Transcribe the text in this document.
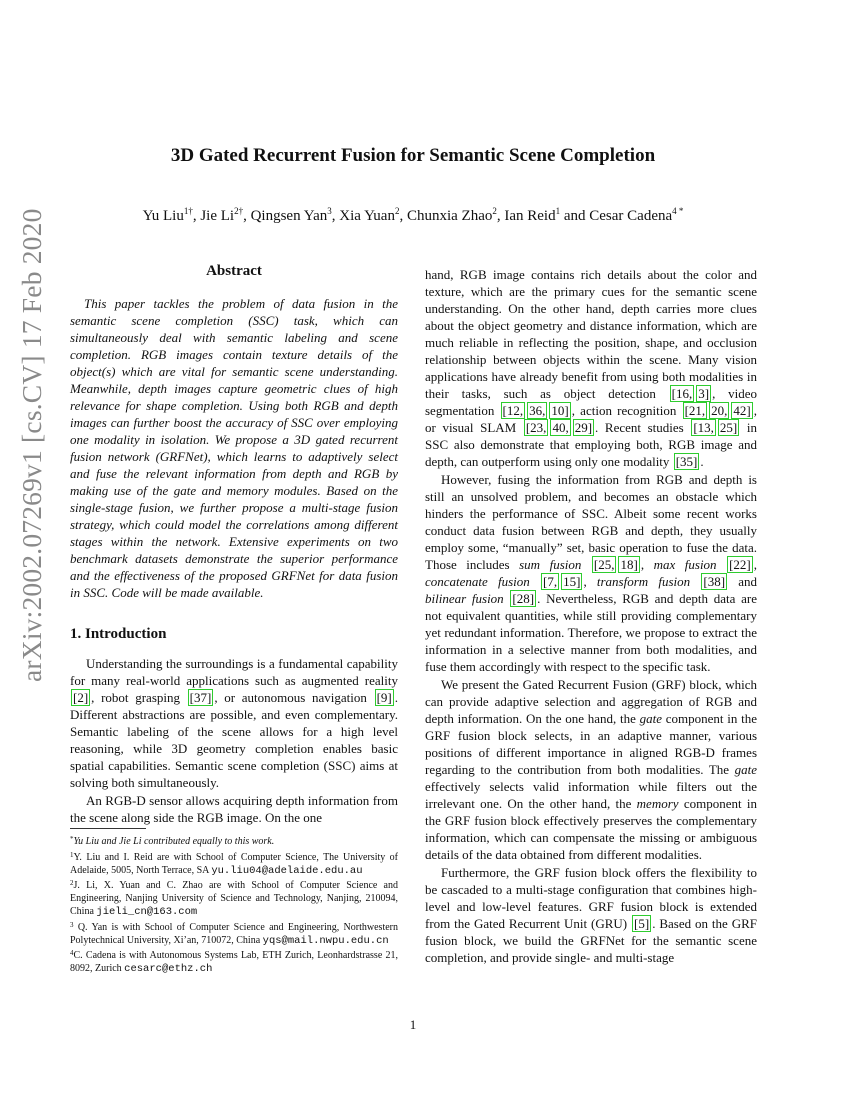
arXiv:2002.07269v1 [cs.CV] 17 Feb 2020
3D Gated Recurrent Fusion for Semantic Scene Completion
Yu Liu$^{1\dagger}$, Jie $Li^{2\dagger}$, Qingsen Yan$^3$, Xia Yuan$^2$, Chunxia Zhao$^2$, Ian Reid$^1$ and Cesar Cadena$^{4 *}$
Abstract

This paper tackles the problem of data fusion in the semantic scene completion (SSC) task, which can simultaneously deal with semantic labeling and scene completion. RGB images contain texture details of the object(s) which are vital for semantic scene understanding. Meanwhile, depth images capture geometric clues of high relevance for shape completion. Using both RGB and depth images can further boost the accuracy of SSC over employing one modality in isolation. We propose a 3D gated recurrent fusion network (GRFNet), which learns to adaptively select and fuse the relevant information from depth and RGB by making use of the gate and memory modules. Based on the single-stage fusion, we further propose a multi-stage fusion strategy, which could model the correlations among different stages within the network. Extensive experiments on two benchmark datasets demonstrate the superior performance and the effectiveness of the proposed GRFNet for data fusion in SSC. Code will be made available.

1. Introduction

Understanding the surroundings is a fundamental capability for many real-world applications such as augmented reality [2] , robot grasping [37] , or autonomous navigation [9] . Different abstractions are possible, and even complementary. Semantic labeling of the scene allows for a high level reasoning, while 3D geometry completion enables basic spatial capabilities. Semantic scene completion (SSC) aims at solving both simultaneously.

An RGB-D sensor allows acquiring depth information from the scene along side the RGB image. On the one

hand, RGB image contains rich details about the color and texture, which are the primary cues for the semantic scene understanding. On the other hand, depth carries more clues about the object geometry and distance information, which are much reliable in reflecting the position, shape, and occlusion relationship between objects within the scene. Many vision applications have already benefit from using both modalities in their tasks, such as object detection [16, 3] , video segmentation [12, 36, 10] , action recognition [21, 20, 42] , or visual SLAM [23, 40, 29] . Recent studies [13, 25] in SSC also demonstrate that employing both, RGB image and depth, can outperform using only one modality [35] .

However, fusing the information from RGB and depth is still an unsolved problem, and becomes an obstacle which hinders the performance of SSC. Albeit some recent works conduct data fusion between RGB and depth, they usually employ some, “manually” set, basic operation to fuse the data. Those includes sum fusion [25, 18] , max fusion [22] , concatenate fusion [7, 15] , transform fusion [38] and bilinear fusion [28] . Nevertheless, RGB and depth data are not equivalent quantities, while still providing complementary yet redundant information. Therefore, we propose to extract the information in a selective manner from both modalities, and fuse them accordingly with respect to the specific task.

We present the Gated Recurrent Fusion (GRF) block, which can provide adaptive selection and aggregation of RGB and depth information. On the one hand, the gate component in the GRF fusion block selects, in an adaptive manner, various positions of different importance in aligned RGB-D frames regarding to the contribution from both modalities. The gate effectively selects valid information while filters out the irrelevant one. On the other hand, the memory component in the GRF fusion block effectively preserves the complementary information, which can compensate the missing or ambiguous details of the data obtained from different modalities.

Furthermore, the GRF fusion block offers the flexibility to be cascaded to a multi-stage configuration that combines high-level and low-level features. GRF fusion block is extended from the Gated Recurrent Unit (GRU) [5] . Based on the GRF fusion block, we build the GRFNet for the semantic scene completion, and provide single- and multi-stage

*Yu Liu and Jie Li contributed equally to this work.

$^1$Y. Liu and I. Reid are with School of Computer Science, The University of Adelaide, 5005, North Terrace, SA yu.liu04@adelaide.edu.au

$^2$J. Li, X. Yuan and C. Zhao are with School of Computer Science and Engineering, Nanjing University of Science and Technology, Nanjing, 210094, China jieli_cn@163.com

$^3$ Q. Yan is with School of Computer Science and Engineering, Northwestern Polytechnical University, Xi’an, 710072, China yqs@mail.nwpu.edu.cn

$^4$C. Cadena is with Autonomous Systems Lab, ETH Zurich, Leonhardstrasse 21, 8092, Zurich cesarc@ethz.ch

1
